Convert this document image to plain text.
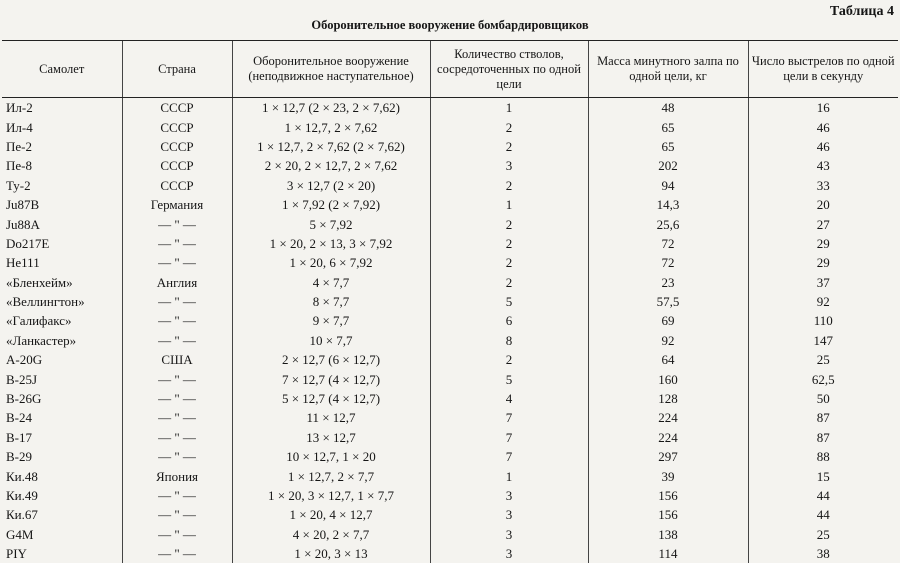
Таблица 4
Оборонительное вооружение бомбардировщиков
Самолет	Страна	Оборонительное вооружение (неподвижное наступательное)	Количество стволов, сосредоточенных по одной цели	Масса минутного залпа по одной цели, кг	Число выстрелов по одной цели в секунду
Ил-2	СССР	1 × 12,7 (2 × 23, 2 × 7,62)	1	48	16
Ил-4	СССР	1 × 12,7, 2 × 7,62	2	65	46
Пе-2	СССР	1 × 12,7, 2 × 7,62 (2 × 7,62)	2	65	46
Пе-8	СССР	2 × 20, 2 × 12,7, 2 × 7,62	3	202	43
Ту-2	СССР	3 × 12,7 (2 × 20)	2	94	33
Ju87B	Германия	1 × 7,92 (2 × 7,92)	1	14,3	20
Ju88A	— " —	5 × 7,92	2	25,6	27
Do217E	— " —	1 × 20, 2 × 13, 3 × 7,92	2	72	29
He111	— " —	1 × 20, 6 × 7,92	2	72	29
«Бленхейм»	Англия	4 × 7,7	2	23	37
«Веллингтон»	— " —	8 × 7,7	5	57,5	92
«Галифакс»	— " —	9 × 7,7	6	69	110
«Ланкастер»	— " —	10 × 7,7	8	92	147
A-20G	США	2 × 12,7 (6 × 12,7)	2	64	25
B-25J	— " —	7 × 12,7 (4 × 12,7)	5	160	62,5
B-26G	— " —	5 × 12,7 (4 × 12,7)	4	128	50
B-24	— " —	11 × 12,7	7	224	87
B-17	— " —	13 × 12,7	7	224	87
B-29	— " —	10 × 12,7, 1 × 20	7	297	88
Ки.48	Япония	1 × 12,7, 2 × 7,7	1	39	15
Ки.49	— " —	1 × 20, 3 × 12,7, 1 × 7,7	3	156	44
Ки.67	— " —	1 × 20, 4 × 12,7	3	156	44
G4M	— " —	4 × 20, 2 × 7,7	3	138	25
PIY	— " —	1 × 20, 3 × 13	3	114	38
